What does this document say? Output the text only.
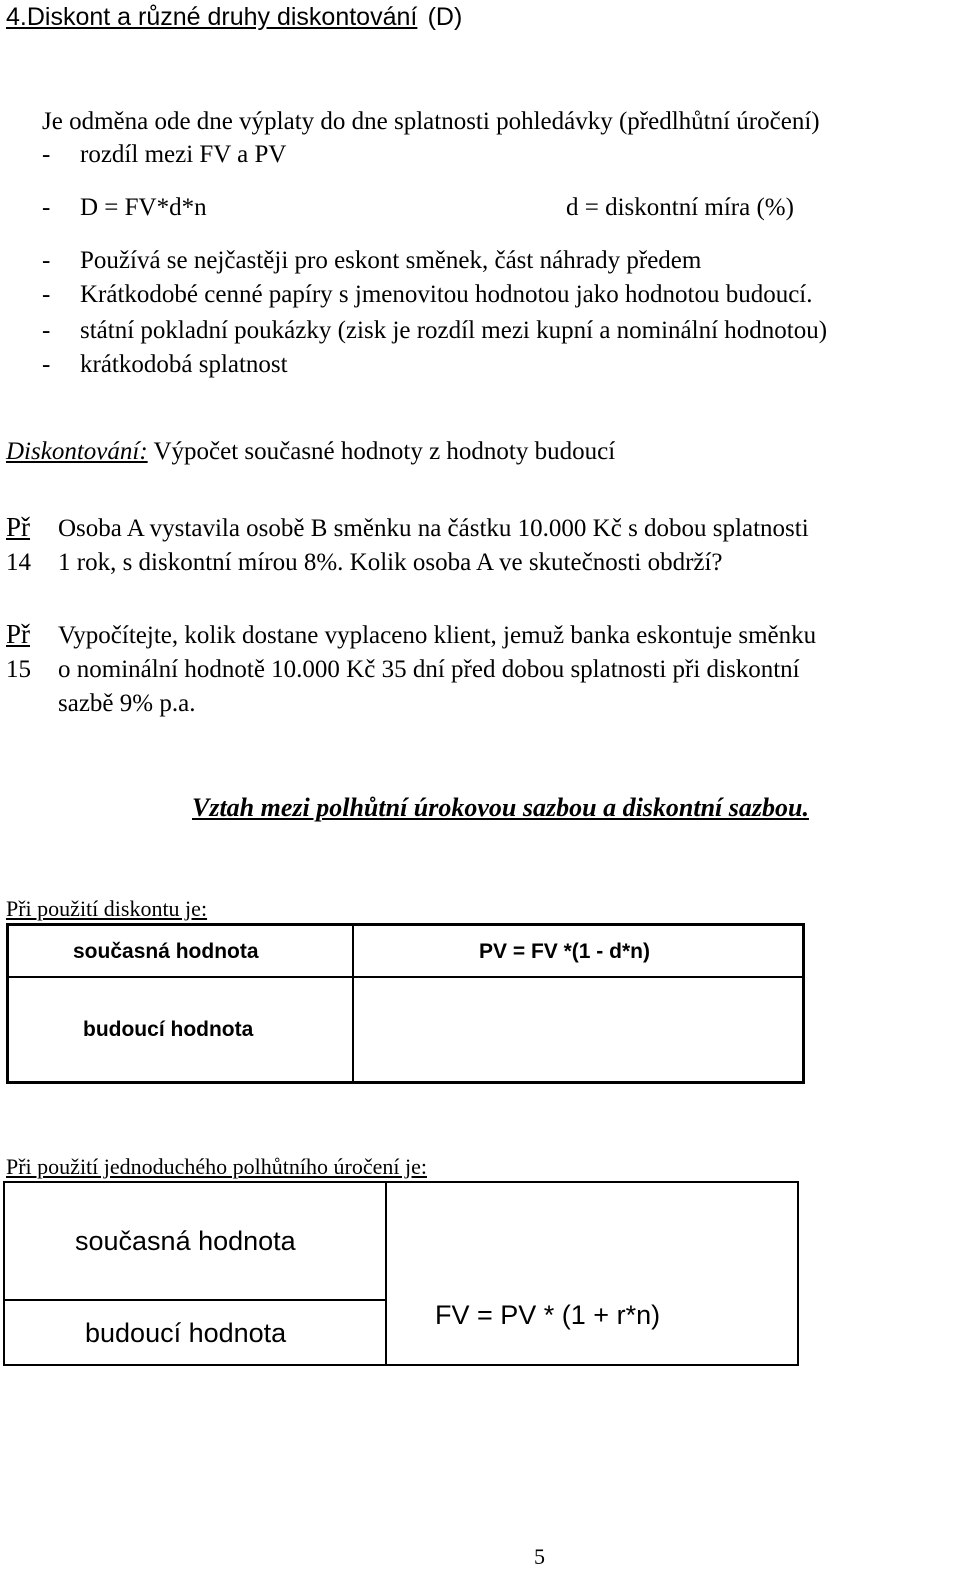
4.Diskont a různé druhy diskontování (D)
Je odměna ode dne výplaty do dne splatnosti pohledávky (předlhůtní úročení)
- rozdíl mezi FV a PV
- D = FV*d*n	d = diskontní míra (%)
- Používá se nejčastěji pro eskont směnek, část náhrady předem
- Krátkodobé cenné papíry s jmenovitou hodnotou jako hodnotou budoucí.
- státní pokladní poukázky (zisk je rozdíl mezi kupní a nominální hodnotou)
- krátkodobá splatnost
Diskontování: Výpočet současné hodnoty z hodnoty budoucí
Př
14
Osoba A vystavila osobě B směnku na částku 10.000 Kč s dobou splatnosti
1 rok, s diskontní mírou 8%. Kolik osoba A ve skutečnosti obdrží?
Př
15
Vypočítejte, kolik dostane vyplaceno klient, jemuž banka eskontuje směnku
o nominální hodnotě 10.000 Kč 35 dní před dobou splatnosti při diskontní
sazbě 9% p.a.
Vztah mezi polhůtní úrokovou sazbou a diskontní sazbou.
Při použití diskontu je:
současná hodnota	PV = FV *(1 - d*n)
budoucí hodnota
Při použití jednoduchého polhůtního úročení je:
současná hodnota
budoucí hodnota
FV = PV * (1 + r*n)
5
